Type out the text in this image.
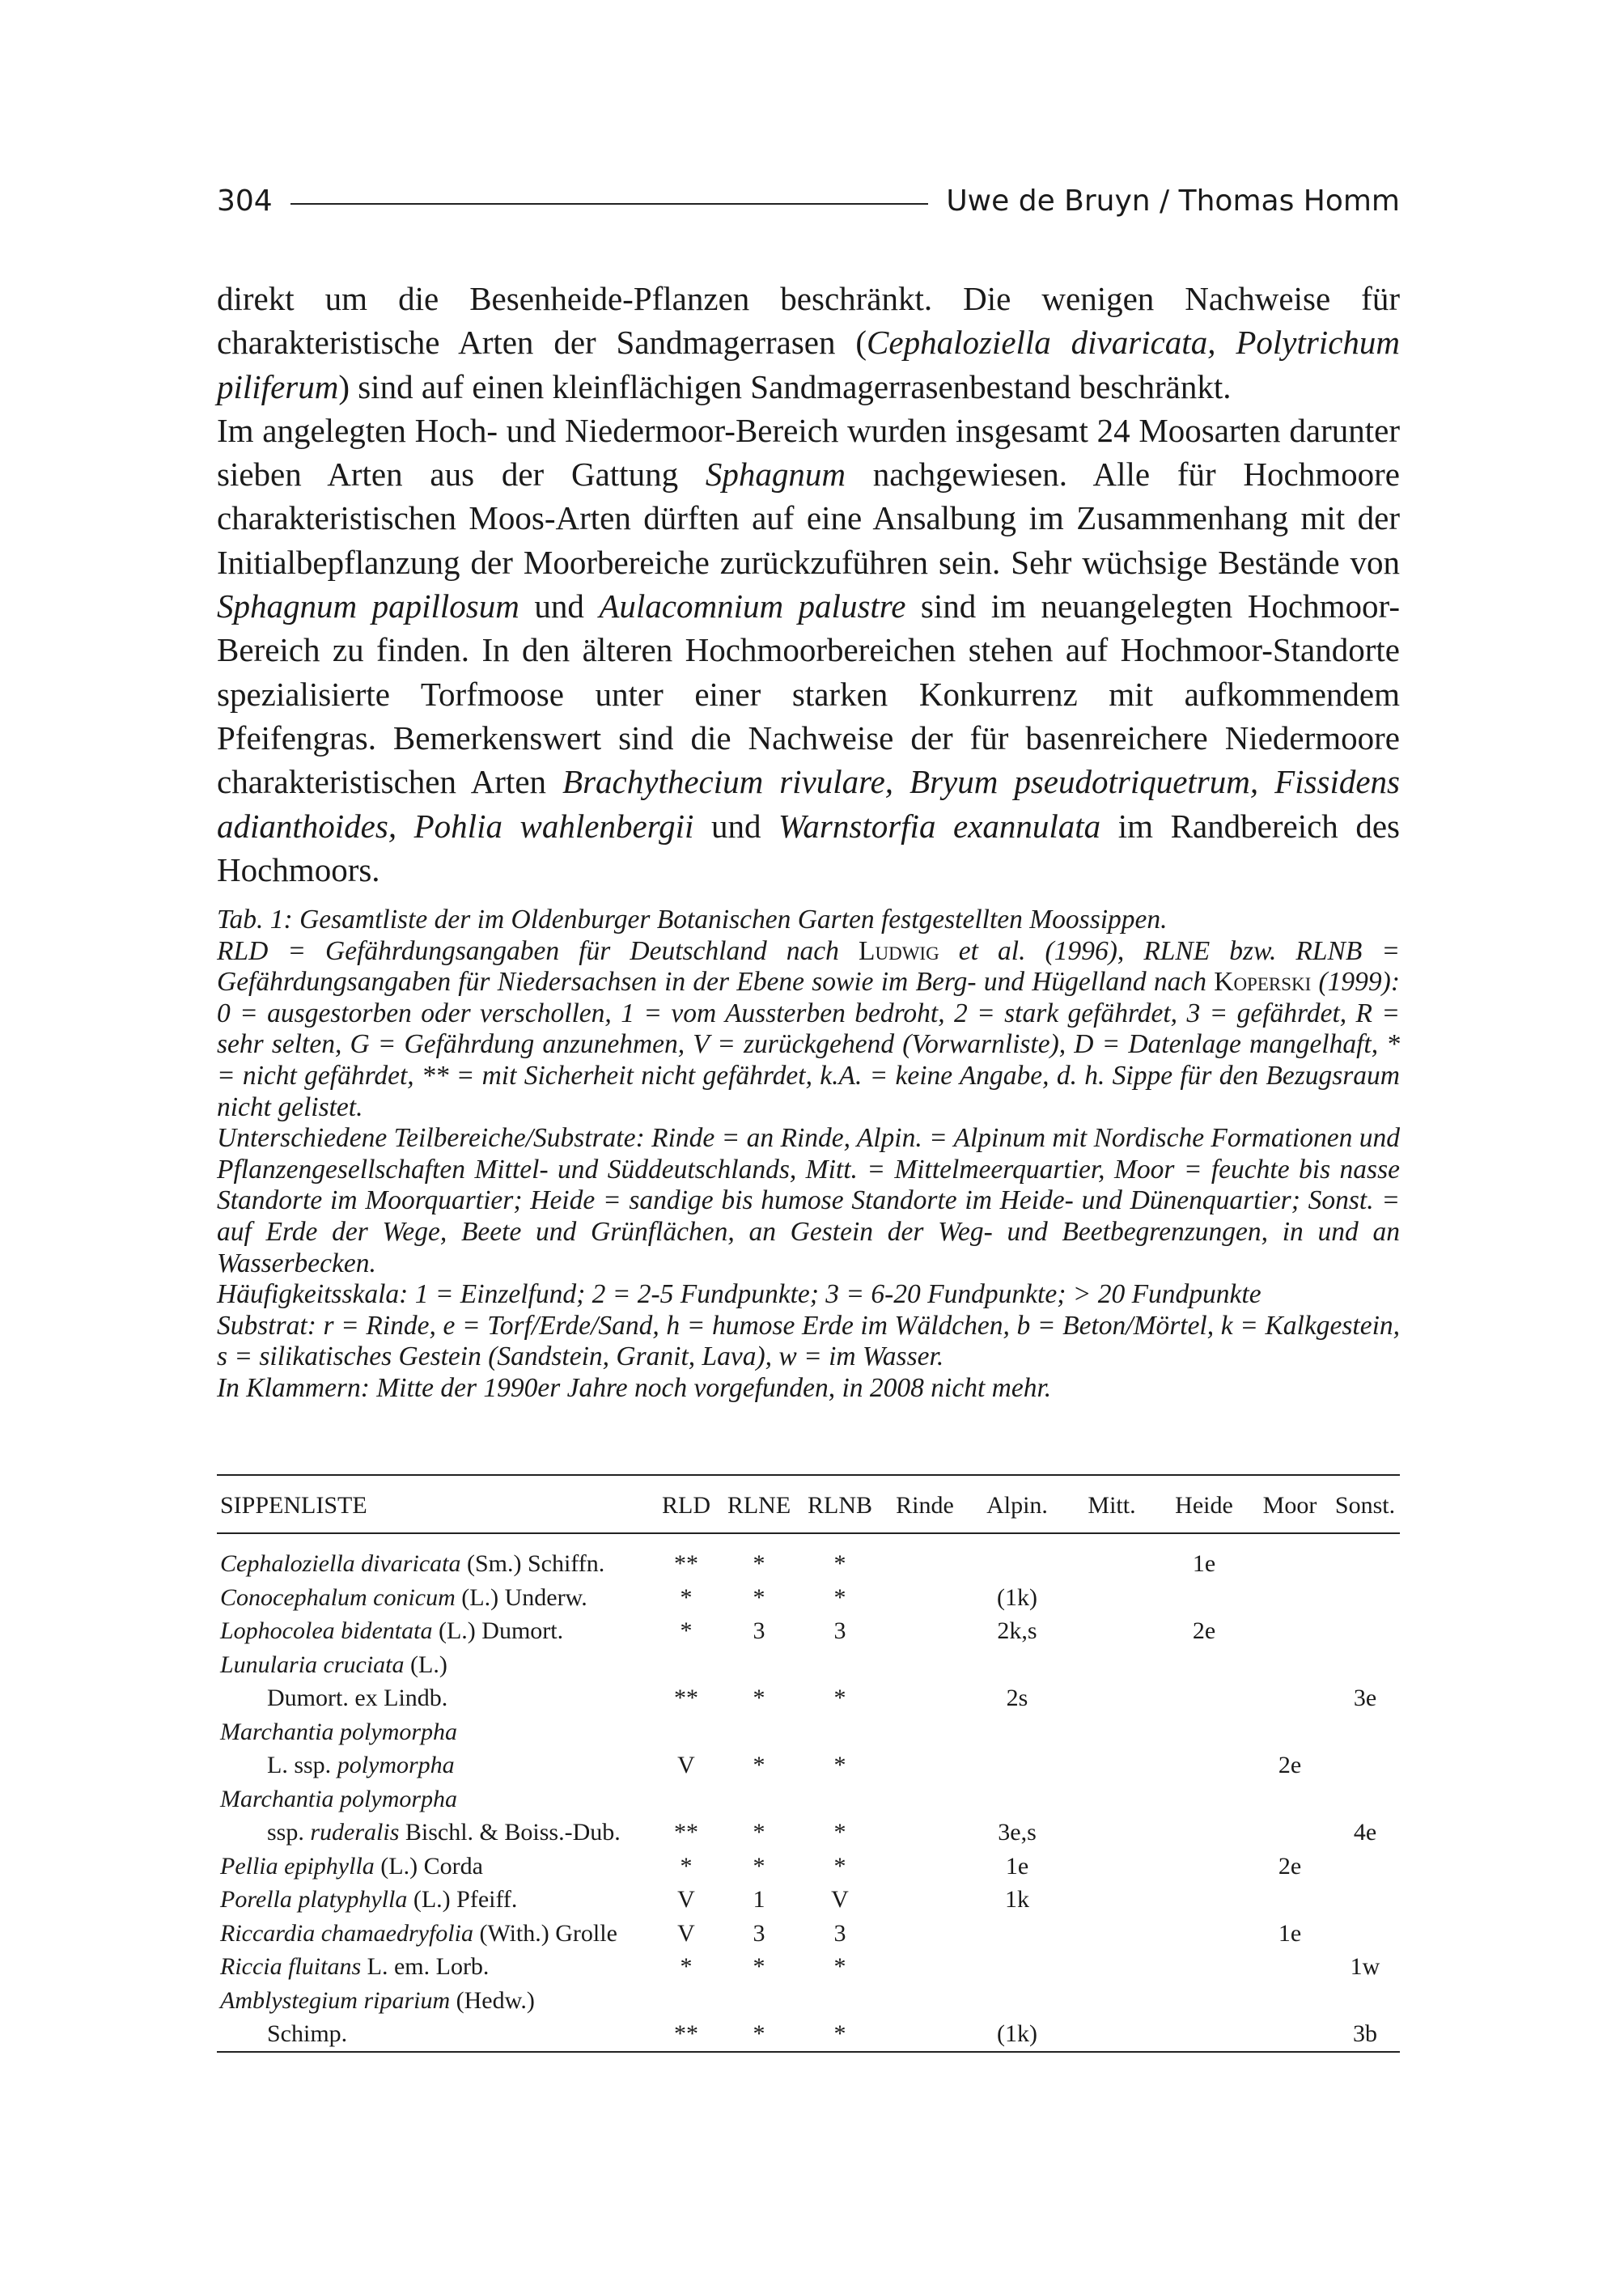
304	Uwe de Bruyn / Thomas Homm

direkt um die Besenheide-Pflanzen beschränkt. Die wenigen Nachweise für charakteristische Arten der Sandmagerrasen (Cephaloziella divaricata, Polytrichum piliferum) sind auf einen kleinflächigen Sandmagerrasenbestand beschränkt.

Im angelegten Hoch- und Niedermoor-Bereich wurden insgesamt 24 Moosarten darunter sieben Arten aus der Gattung Sphagnum nachgewiesen. Alle für Hochmoore charakteristischen Moos-Arten dürften auf eine Ansalbung im Zusammenhang mit der Initialbepflanzung der Moorbereiche zurückzuführen sein. Sehr wüchsige Bestände von Sphagnum papillosum und Aulacomnium palustre sind im neuangelegten Hochmoor-Bereich zu finden. In den älteren Hochmoorbereichen stehen auf Hochmoor-Standorte spezialisierte Torfmoose unter einer starken Konkurrenz mit aufkommendem Pfeifengras. Bemerkenswert sind die Nachweise der für basenreichere Niedermoore charakteristischen Arten Brachythecium rivulare, Bryum pseudotriquetrum, Fissidens adianthoides, Pohlia wahlenbergii und Warnstorfia exannulata im Randbereich des Hochmoors.

Tab. 1: Gesamtliste der im Oldenburger Botanischen Garten festgestellten Moossippen.

RLD = Gefährdungsangaben für Deutschland nach Ludwig et al. (1996), RLNE bzw. RLNB = Gefährdungsangaben für Niedersachsen in der Ebene sowie im Berg- und Hügelland nach Koperski (1999): 0 = ausgestorben oder verschollen, 1 = vom Aussterben bedroht, 2 = stark gefährdet, 3 = gefährdet, R = sehr selten, G = Gefährdung anzunehmen, V = zurückgehend (Vorwarnliste), D = Datenlage mangelhaft, * = nicht gefährdet, ** = mit Sicherheit nicht gefährdet, k.A. = keine Angabe, d. h. Sippe für den Bezugsraum nicht gelistet.

Unterschiedene Teilbereiche/Substrate: Rinde = an Rinde, Alpin. = Alpinum mit Nordische Formationen und Pflanzengesellschaften Mittel- und Süddeutschlands, Mitt. = Mittelmeerquartier, Moor = feuchte bis nasse Standorte im Moorquartier; Heide = sandige bis humose Standorte im Heide- und Dünenquartier; Sonst. = auf Erde der Wege, Beete und Grünflächen, an Gestein der Weg- und Beetbegrenzungen, in und an Wasserbecken.

Häufigkeitsskala: 1 = Einzelfund; 2 = 2-5 Fundpunkte; 3 = 6-20 Fundpunkte; > 20 Fundpunkte

Substrat: r = Rinde, e = Torf/Erde/Sand, h = humose Erde im Wäldchen, b = Beton/Mörtel, k = Kalkgestein, s = silikatisches Gestein (Sandstein, Granit, Lava), w = im Wasser.

In Klammern: Mitte der 1990er Jahre noch vorgefunden, in 2008 nicht mehr.

SIPPENLISTE	RLD	RLNE	RLNB	Rinde	Alpin.	Mitt.	Heide	Moor	Sonst.
Cephaloziella divaricata (Sm.) Schiffn.	**	*	*				1e		
Conocephalum conicum (L.) Underw.	*	*	*		(1k)				
Lophocolea bidentata (L.) Dumort.	*	3	3		2k,s		2e		
Lunularia cruciata (L.)									
Dumort. ex Lindb.	**	*	*		2s				3e
Marchantia polymorpha									
L. ssp. polymorpha	V	*	*					2e	
Marchantia polymorpha									
ssp. ruderalis Bischl. & Boiss.-Dub.	**	*	*		3e,s				4e
Pellia epiphylla (L.) Corda	*	*	*		1e			2e	
Porella platyphylla (L.) Pfeiff.	V	1	V		1k				
Riccardia chamaedryfolia (With.) Grolle	V	3	3					1e	
Riccia fluitans L. em. Lorb.	*	*	*						1w
Amblystegium riparium (Hedw.)									
Schimp.	**	*	*		(1k)				3b
